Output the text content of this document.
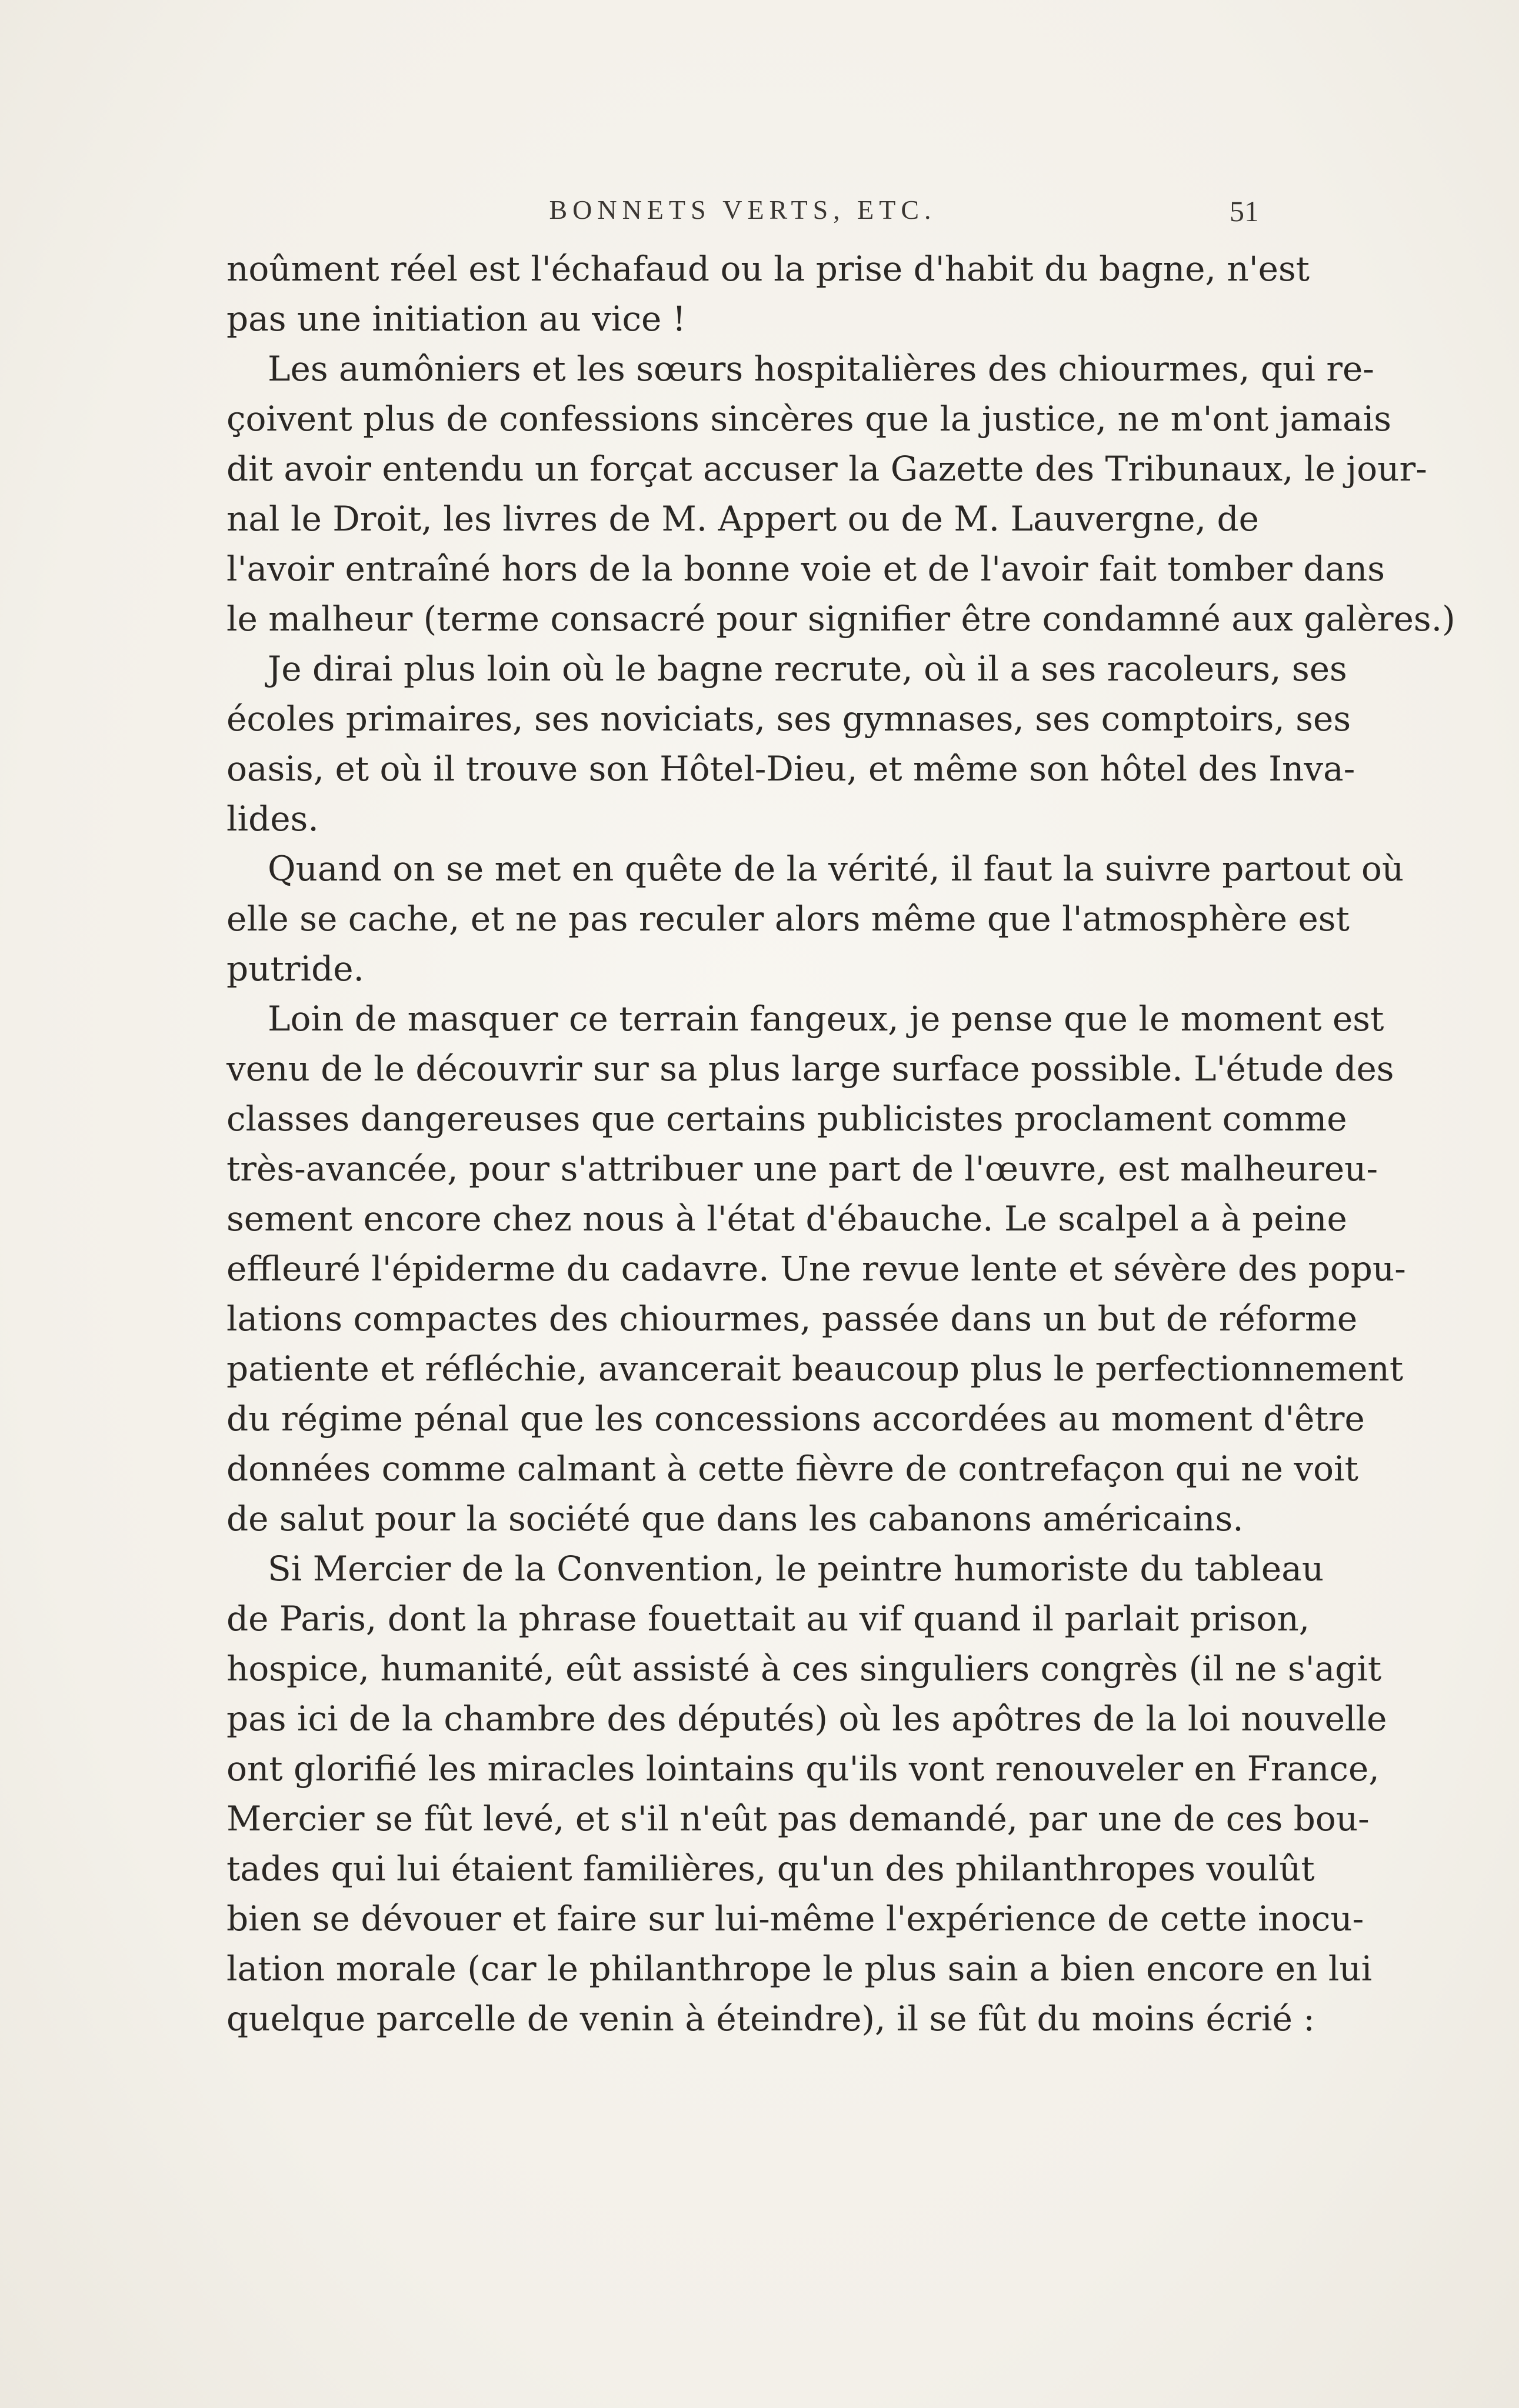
BONNETS VERTS, ETC.	51
noûment réel est l'échafaud ou la prise d'habit du bagne, n'est
pas une initiation au vice !
Les aumôniers et les sœurs hospitalières des chiourmes, qui re-
çoivent plus de confessions sincères que la justice, ne m'ont jamais
dit avoir entendu un forçat accuser la Gazette des Tribunaux, le jour-
nal le Droit, les livres de M. Appert ou de M. Lauvergne, de
l'avoir entraîné hors de la bonne voie et de l'avoir fait tomber dans
le malheur (terme consacré pour signifier être condamné aux galères.)
Je dirai plus loin où le bagne recrute, où il a ses racoleurs, ses
écoles primaires, ses noviciats, ses gymnases, ses comptoirs, ses
oasis, et où il trouve son Hôtel-Dieu, et même son hôtel des Inva-
lides.
Quand on se met en quête de la vérité, il faut la suivre partout où
elle se cache, et ne pas reculer alors même que l'atmosphère est
putride.
Loin de masquer ce terrain fangeux, je pense que le moment est
venu de le découvrir sur sa plus large surface possible. L'étude des
classes dangereuses que certains publicistes proclament comme
très-avancée, pour s'attribuer une part de l'œuvre, est malheureu-
sement encore chez nous à l'état d'ébauche. Le scalpel a à peine
effleuré l'épiderme du cadavre. Une revue lente et sévère des popu-
lations compactes des chiourmes, passée dans un but de réforme
patiente et réfléchie, avancerait beaucoup plus le perfectionnement
du régime pénal que les concessions accordées au moment d'être
données comme calmant à cette fièvre de contrefaçon qui ne voit
de salut pour la société que dans les cabanons américains.
Si Mercier de la Convention, le peintre humoriste du tableau
de Paris, dont la phrase fouettait au vif quand il parlait prison,
hospice, humanité, eût assisté à ces singuliers congrès (il ne s'agit
pas ici de la chambre des députés) où les apôtres de la loi nouvelle
ont glorifié les miracles lointains qu'ils vont renouveler en France,
Mercier se fût levé, et s'il n'eût pas demandé, par une de ces bou-
tades qui lui étaient familières, qu'un des philanthropes voulût
bien se dévouer et faire sur lui-même l'expérience de cette inocu-
lation morale (car le philanthrope le plus sain a bien encore en lui
quelque parcelle de venin à éteindre), il se fût du moins écrié :
